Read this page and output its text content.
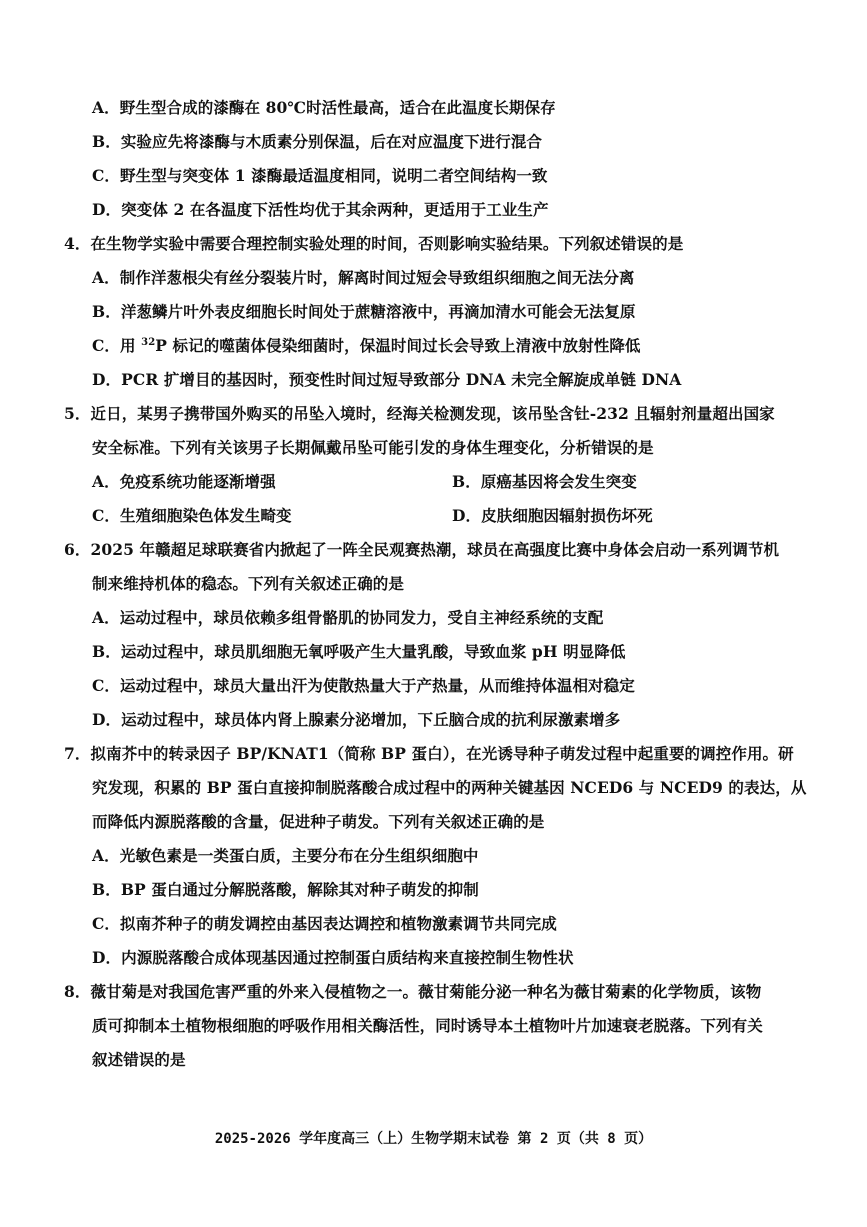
A．野生型合成的漆酶在 80℃时活性最高，适合在此温度长期保存
B．实验应先将漆酶与木质素分别保温，后在对应温度下进行混合
C．野生型与突变体 1 漆酶最适温度相同，说明二者空间结构一致
D．突变体 2 在各温度下活性均优于其余两种，更适用于工业生产
4．在生物学实验中需要合理控制实验处理的时间，否则影响实验结果。下列叙述错误的是
A．制作洋葱根尖有丝分裂装片时，解离时间过短会导致组织细胞之间无法分离
B．洋葱鳞片叶外表皮细胞长时间处于蔗糖溶液中，再滴加清水可能会无法复原
C．用 $^{32}$P 标记的噬菌体侵染细菌时，保温时间过长会导致上清液中放射性降低
D．PCR 扩增目的基因时，预变性时间过短导致部分 DNA 未完全解旋成单链 DNA
5．近日，某男子携带国外购买的吊坠入境时，经海关检测发现，该吊坠含钍-232 且辐射剂量超出国家
安全标准。下列有关该男子长期佩戴吊坠可能引发的身体生理变化，分析错误的是
A．免疫系统功能逐渐增强	B．原癌基因将会发生突变
C．生殖细胞染色体发生畸变	D．皮肤细胞因辐射损伤坏死
6．2025 年赣超足球联赛省内掀起了一阵全民观赛热潮，球员在高强度比赛中身体会启动一系列调节机
制来维持机体的稳态。下列有关叙述正确的是
A．运动过程中，球员依赖多组骨骼肌的协同发力，受自主神经系统的支配
B．运动过程中，球员肌细胞无氧呼吸产生大量乳酸，导致血浆 pH 明显降低
C．运动过程中，球员大量出汗为使散热量大于产热量，从而维持体温相对稳定
D．运动过程中，球员体内肾上腺素分泌增加，下丘脑合成的抗利尿激素增多
7．拟南芥中的转录因子 BP/KNAT1（简称 BP 蛋白），在光诱导种子萌发过程中起重要的调控作用。研
究发现，积累的 BP 蛋白直接抑制脱落酸合成过程中的两种关键基因 NCED6 与 NCED9 的表达，从
而降低内源脱落酸的含量，促进种子萌发。下列有关叙述正确的是
A．光敏色素是一类蛋白质，主要分布在分生组织细胞中
B．BP 蛋白通过分解脱落酸，解除其对种子萌发的抑制
C．拟南芥种子的萌发调控由基因表达调控和植物激素调节共同完成
D．内源脱落酸合成体现基因通过控制蛋白质结构来直接控制生物性状
8．薇甘菊是对我国危害严重的外来入侵植物之一。薇甘菊能分泌一种名为薇甘菊素的化学物质，该物
质可抑制本土植物根细胞的呼吸作用相关酶活性，同时诱导本土植物叶片加速衰老脱落。下列有关
叙述错误的是
2025-2026 学年度高三（上）生物学期末试卷 第 2 页（共 8 页）
